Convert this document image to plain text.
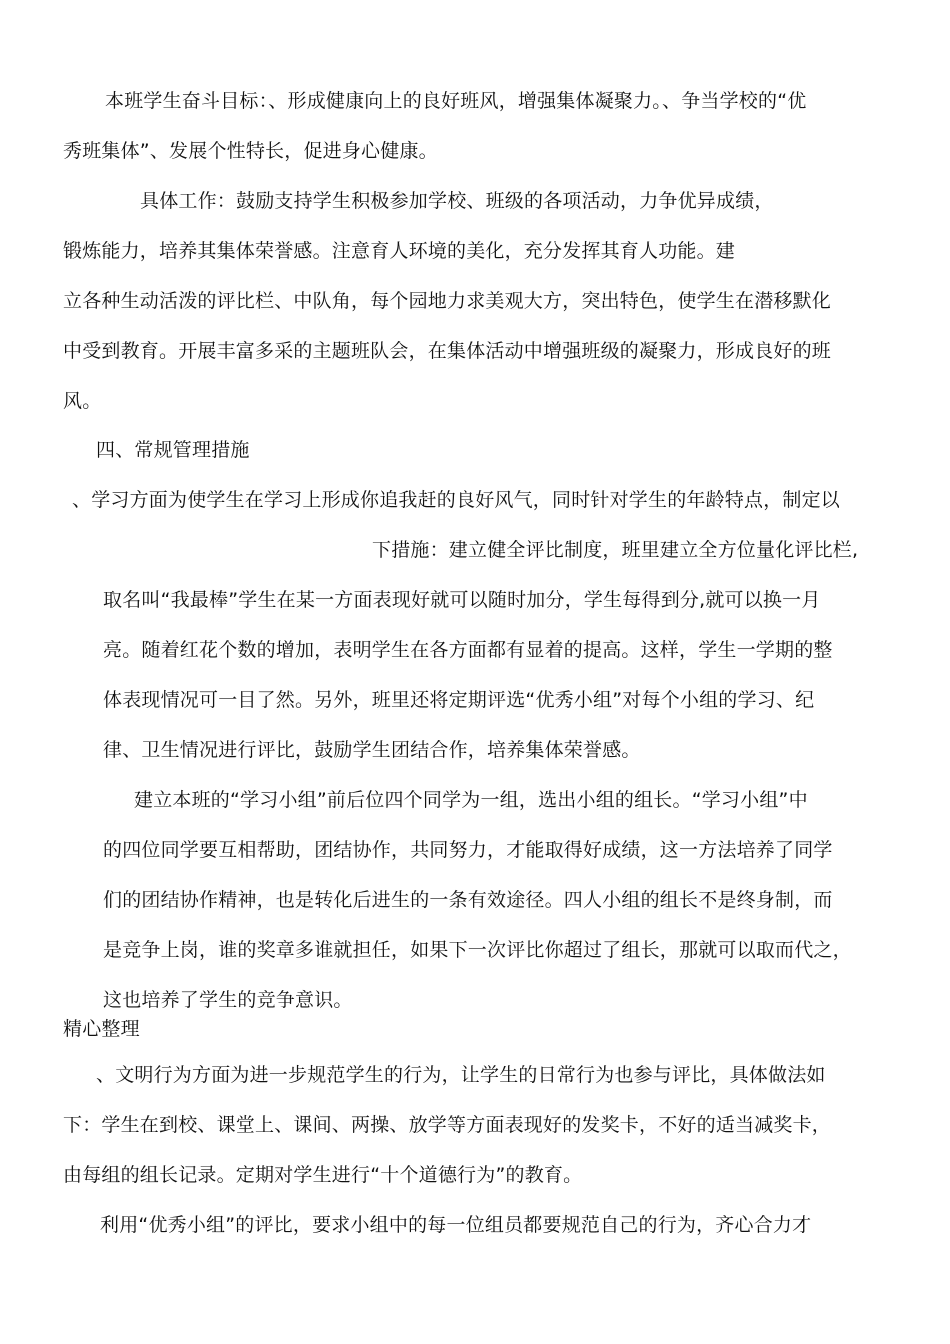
本班学生奋斗目标：、形成健康向上的良好班风，增强集体凝聚力。、争当学校的“优
秀班集体”、发展个性特长，促进身心健康。
具体工作：鼓励支持学生积极参加学校、班级的各项活动，力争优异成绩，
锻炼能力，培养其集体荣誉感。注意育人环境的美化，充分发挥其育人功能。建
立各种生动活泼的评比栏、中队角，每个园地力求美观大方，突出特色，使学生在潜移默化
中受到教育。开展丰富多采的主题班队会，在集体活动中增强班级的凝聚力，形成良好的班
风。
四、常规管理措施
、学习方面为使学生在学习上形成你追我赶的良好风气，同时针对学生的年龄特点，制定以
下措施：建立健全评比制度，班里建立全方位量化评比栏,
取名叫“我最棒”学生在某一方面表现好就可以随时加分，学生每得到分,就可以换一月
亮。随着红花个数的增加，表明学生在各方面都有显着的提高。这样，学生一学期的整
体表现情况可一目了然。另外，班里还将定期评选“优秀小组”对每个小组的学习、纪
律、卫生情况进行评比，鼓励学生团结合作，培养集体荣誉感。
建立本班的“学习小组”前后位四个同学为一组，选出小组的组长。“学习小组”中
的四位同学要互相帮助，团结协作，共同努力，才能取得好成绩，这一方法培养了同学
们的团结协作精神，也是转化后进生的一条有效途径。四人小组的组长不是终身制，而
是竞争上岗，谁的奖章多谁就担任，如果下一次评比你超过了组长，那就可以取而代之，
这也培养了学生的竞争意识。
精心整理
、文明行为方面为进一步规范学生的行为，让学生的日常行为也参与评比，具体做法如
下：学生在到校、课堂上、课间、两操、放学等方面表现好的发奖卡，不好的适当减奖卡，
由每组的组长记录。定期对学生进行“十个道德行为”的教育。
利用“优秀小组”的评比，要求小组中的每一位组员都要规范自己的行为，齐心合力才
